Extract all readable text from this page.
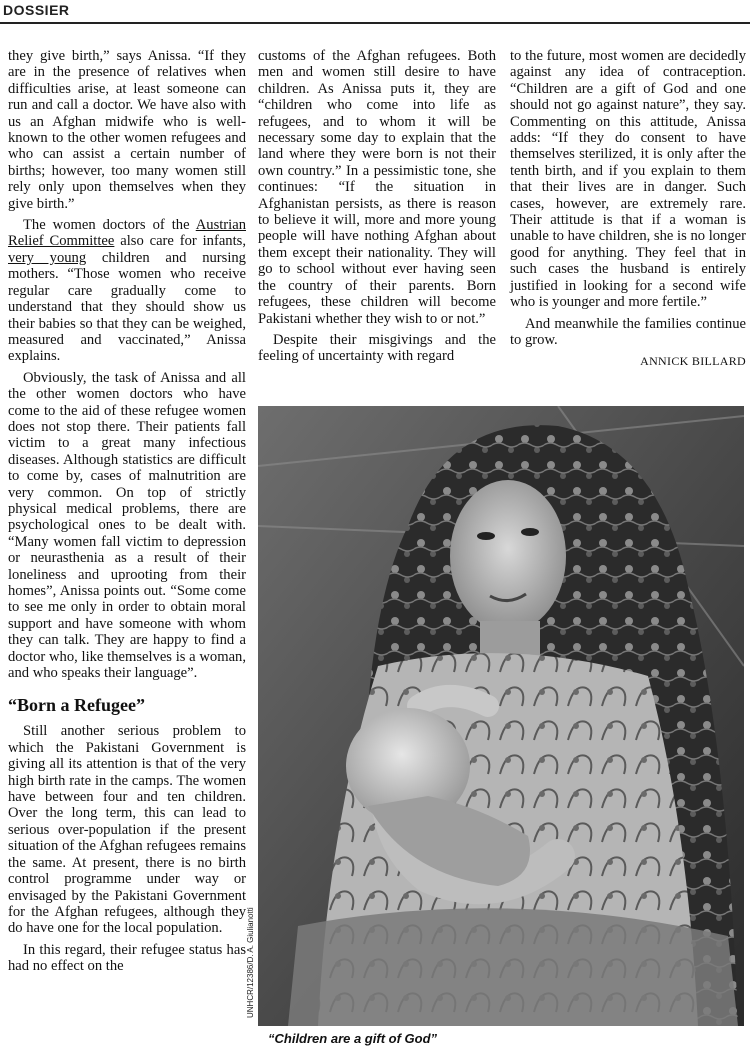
DOSSIER

they give birth,” says Anissa. “If they are in the presence of relatives when difficulties arise, at least someone can run and call a doctor. We have also with us an Afghan midwife who is well-known to the other women refugees and who can assist a certain number of births; however, too many women still rely only upon themselves when they give birth.”

The women doctors of the Austrian Relief Committee also care for infants, very young children and nursing mothers. “Those women who receive regular care gradually come to understand that they should show us their babies so that they can be weighed, measured and vaccinated,” Anissa explains.

Obviously, the task of Anissa and all the other women doctors who have come to the aid of these refugee women does not stop there. Their patients fall victim to a great many infectious diseases. Although statistics are difficult to come by, cases of malnutrition are very common. On top of strictly physical medical problems, there are psychological ones to be dealt with. “Many women fall victim to depression or neurasthenia as a result of their loneliness and uprooting from their homes”, Anissa points out. “Some come to see me only in order to obtain moral support and have someone with whom they can talk. They are happy to find a doctor who, like themselves is a woman, and who speaks their language”.

“Born a Refugee”

Still another serious problem to which the Pakistani Government is giving all its attention is that of the very high birth rate in the camps. The women have between four and ten children. Over the long term, this can lead to serious over-population if the present situation of the Afghan refugees remains the same. At present, there is no birth control programme under way or envisaged by the Pakistani Government for the Afghan refugees, although they do have one for the local population.

In this regard, their refugee status has had no effect on the

customs of the Afghan refugees. Both men and women still desire to have children. As Anissa puts it, they are “children who come into life as refugees, and to whom it will be necessary some day to explain that the land where they were born is not their own country.” In a pessimistic tone, she continues: “If the situation in Afghanistan persists, as there is reason to believe it will, more and more young people will have nothing Afghan about them except their nationality. They will go to school without ever having seen the country of their parents. Born refugees, these children will become Pakistani whether they wish to or not.”

Despite their misgivings and the feeling of uncertainty with regard

to the future, most women are decidedly against any idea of contraception. “Children are a gift of God and one should not go against nature”, they say. Commenting on this attitude, Anissa adds: “If they do consent to have themselves sterilized, it is only after the tenth birth, and if you explain to them that their lives are in danger. Such cases, however, are extremely rare. Their attitude is that if a woman is unable to have children, she is no longer good for anything. They feel that in such cases the husband is entirely justified in looking for a second wife who is younger and more fertile.”

And meanwhile the families continue to grow.

ANNICK BILLARD
UNHCR/12386/D. A. Giulianotti
“Children are a gift of God”
